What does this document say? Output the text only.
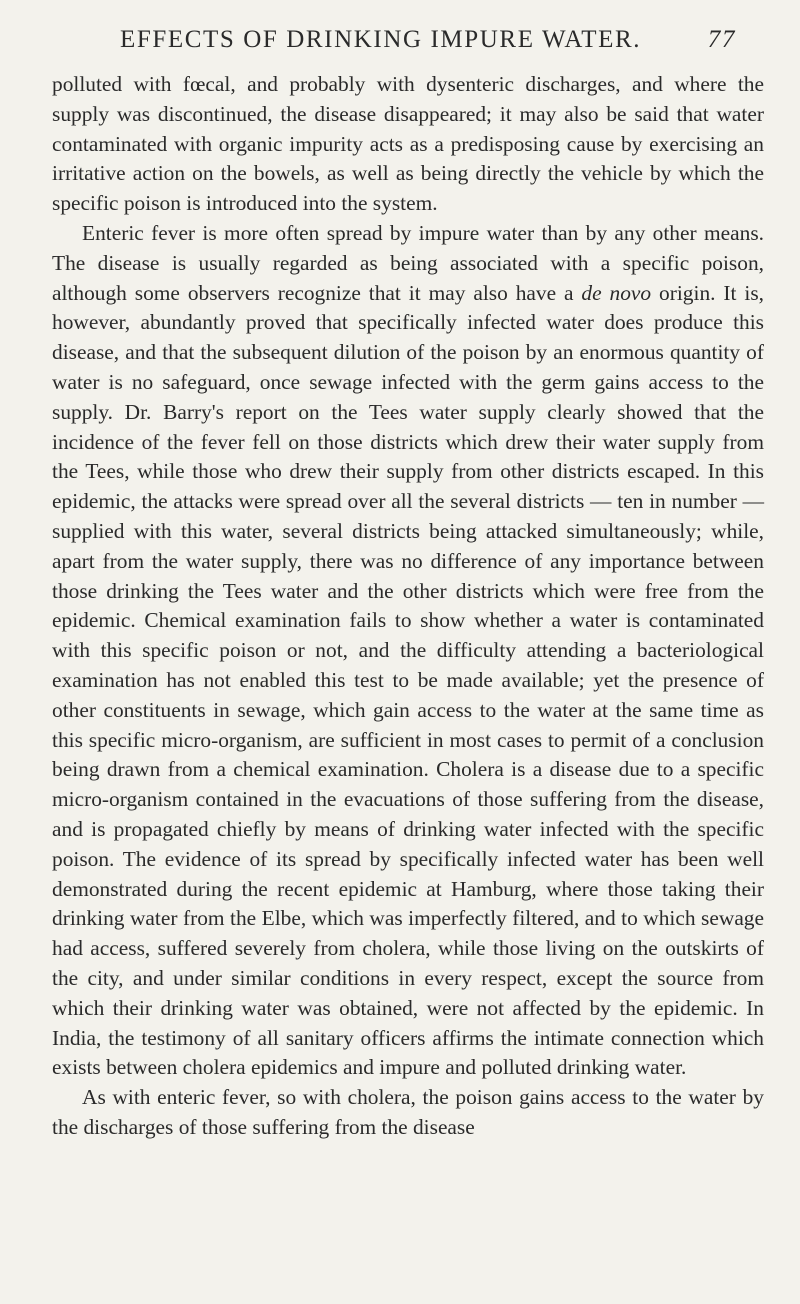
EFFECTS OF DRINKING IMPURE WATER.	77

polluted with fœcal, and probably with dysenteric discharges, and where the supply was discontinued, the disease disappeared; it may also be said that water contaminated with organic impurity acts as a predisposing cause by exercising an irritative action on the bowels, as well as being directly the vehicle by which the specific poison is introduced into the system.

Enteric fever is more often spread by impure water than by any other means. The disease is usually regarded as being associated with a specific poison, although some observers recognize that it may also have a de novo origin. It is, however, abundantly proved that specifically infected water does produce this disease, and that the subsequent dilution of the poison by an enormous quantity of water is no safeguard, once sewage infected with the germ gains access to the supply. Dr. Barry's report on the Tees water supply clearly showed that the incidence of the fever fell on those districts which drew their water supply from the Tees, while those who drew their supply from other districts escaped. In this epidemic, the attacks were spread over all the several districts — ten in number — supplied with this water, several districts being attacked simultaneously; while, apart from the water supply, there was no difference of any importance between those drinking the Tees water and the other districts which were free from the epidemic. Chemical examination fails to show whether a water is contaminated with this specific poison or not, and the difficulty attending a bacteriological examination has not enabled this test to be made available; yet the presence of other constituents in sewage, which gain access to the water at the same time as this specific micro-organism, are sufficient in most cases to permit of a conclusion being drawn from a chemical examination. Cholera is a disease due to a specific micro-organism contained in the evacuations of those suffering from the disease, and is propagated chiefly by means of drinking water infected with the specific poison. The evidence of its spread by specifically infected water has been well demonstrated during the recent epidemic at Hamburg, where those taking their drinking water from the Elbe, which was imperfectly filtered, and to which sewage had access, suffered severely from cholera, while those living on the outskirts of the city, and under similar conditions in every respect, except the source from which their drinking water was obtained, were not affected by the epidemic. In India, the testimony of all sanitary officers affirms the intimate connection which exists between cholera epidemics and impure and polluted drinking water.

As with enteric fever, so with cholera, the poison gains access to the water by the discharges of those suffering from the disease
